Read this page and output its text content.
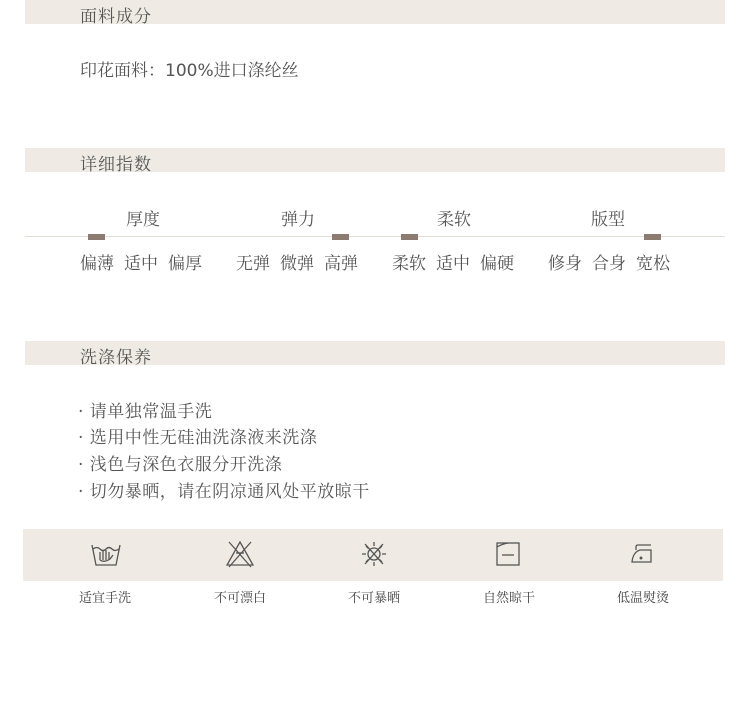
面料成分
印花面料：100%进口涤纶丝
详细指数
厚度
偏薄 适中 偏厚
弹力
无弹 微弹 高弹
柔软
柔软 适中 偏硬
版型
修身 合身 宽松
洗涤保养
· 请单独常温手洗
· 选用中性无硅油洗涤液来洗涤
· 浅色与深色衣服分开洗涤
· 切勿暴晒，请在阴凉通风处平放晾干
适宜手洗	不可漂白	不可暴晒	自然晾干	低温熨烫
